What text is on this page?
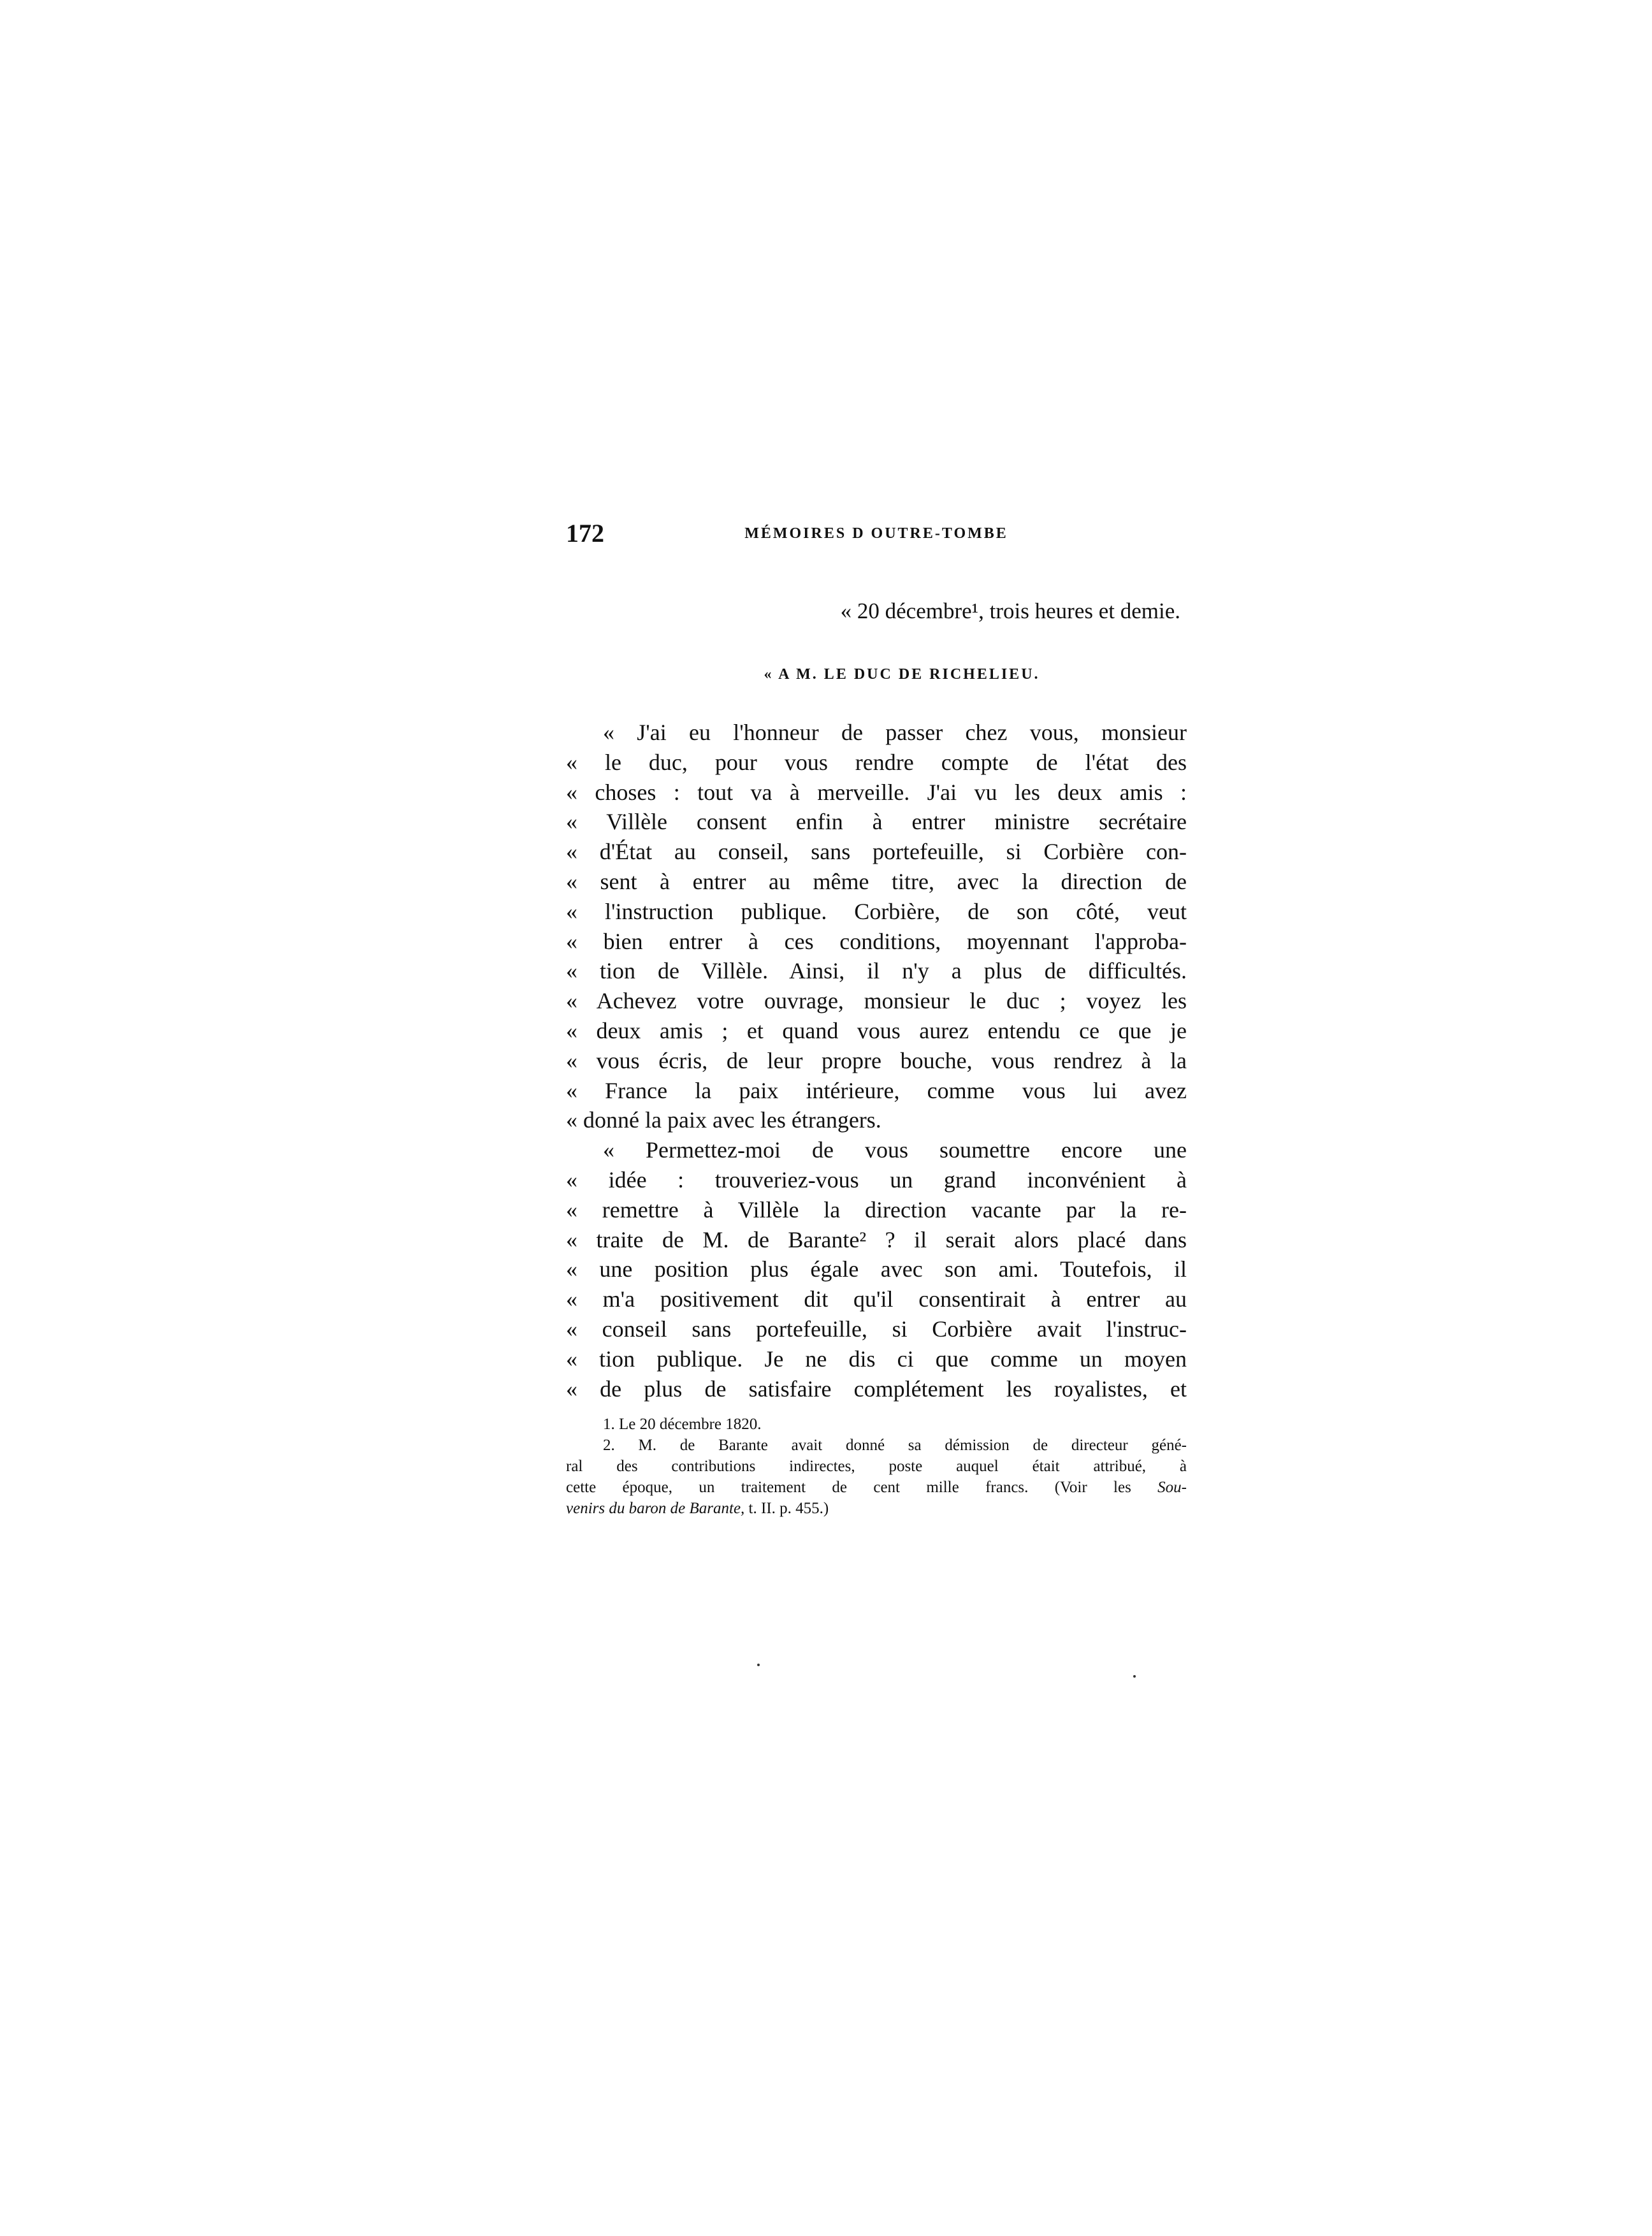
172	MÉMOIRES D OUTRE-TOMBE
« 20 décembre¹, trois heures et demie.
« A M. LE DUC DE RICHELIEU.
« J'ai eu l'honneur de passer chez vous, monsieur
« le duc, pour vous rendre compte de l'état des
« choses : tout va à merveille. J'ai vu les deux amis :
« Villèle consent enfin à entrer ministre secrétaire
« d'État au conseil, sans portefeuille, si Corbière con-
« sent à entrer au même titre, avec la direction de
« l'instruction publique. Corbière, de son côté, veut
« bien entrer à ces conditions, moyennant l'approba-
« tion de Villèle. Ainsi, il n'y a plus de difficultés.
« Achevez votre ouvrage, monsieur le duc ; voyez les
« deux amis ; et quand vous aurez entendu ce que je
« vous écris, de leur propre bouche, vous rendrez à la
« France la paix intérieure, comme vous lui avez
« donné la paix avec les étrangers.
« Permettez-moi de vous soumettre encore une
« idée : trouveriez-vous un grand inconvénient à
« remettre à Villèle la direction vacante par la re-
« traite de M. de Barante² ? il serait alors placé dans
« une position plus égale avec son ami. Toutefois, il
« m'a positivement dit qu'il consentirait à entrer au
« conseil sans portefeuille, si Corbière avait l'instruc-
« tion publique. Je ne dis ci que comme un moyen
« de plus de satisfaire complétement les royalistes, et
1. Le 20 décembre 1820.
2. M. de Barante avait donné sa démission de directeur géné-
ral des contributions indirectes, poste auquel était attribué, à
cette époque, un traitement de cent mille francs. (Voir les Sou-
venirs du baron de Barante, t. II. p. 455.)
